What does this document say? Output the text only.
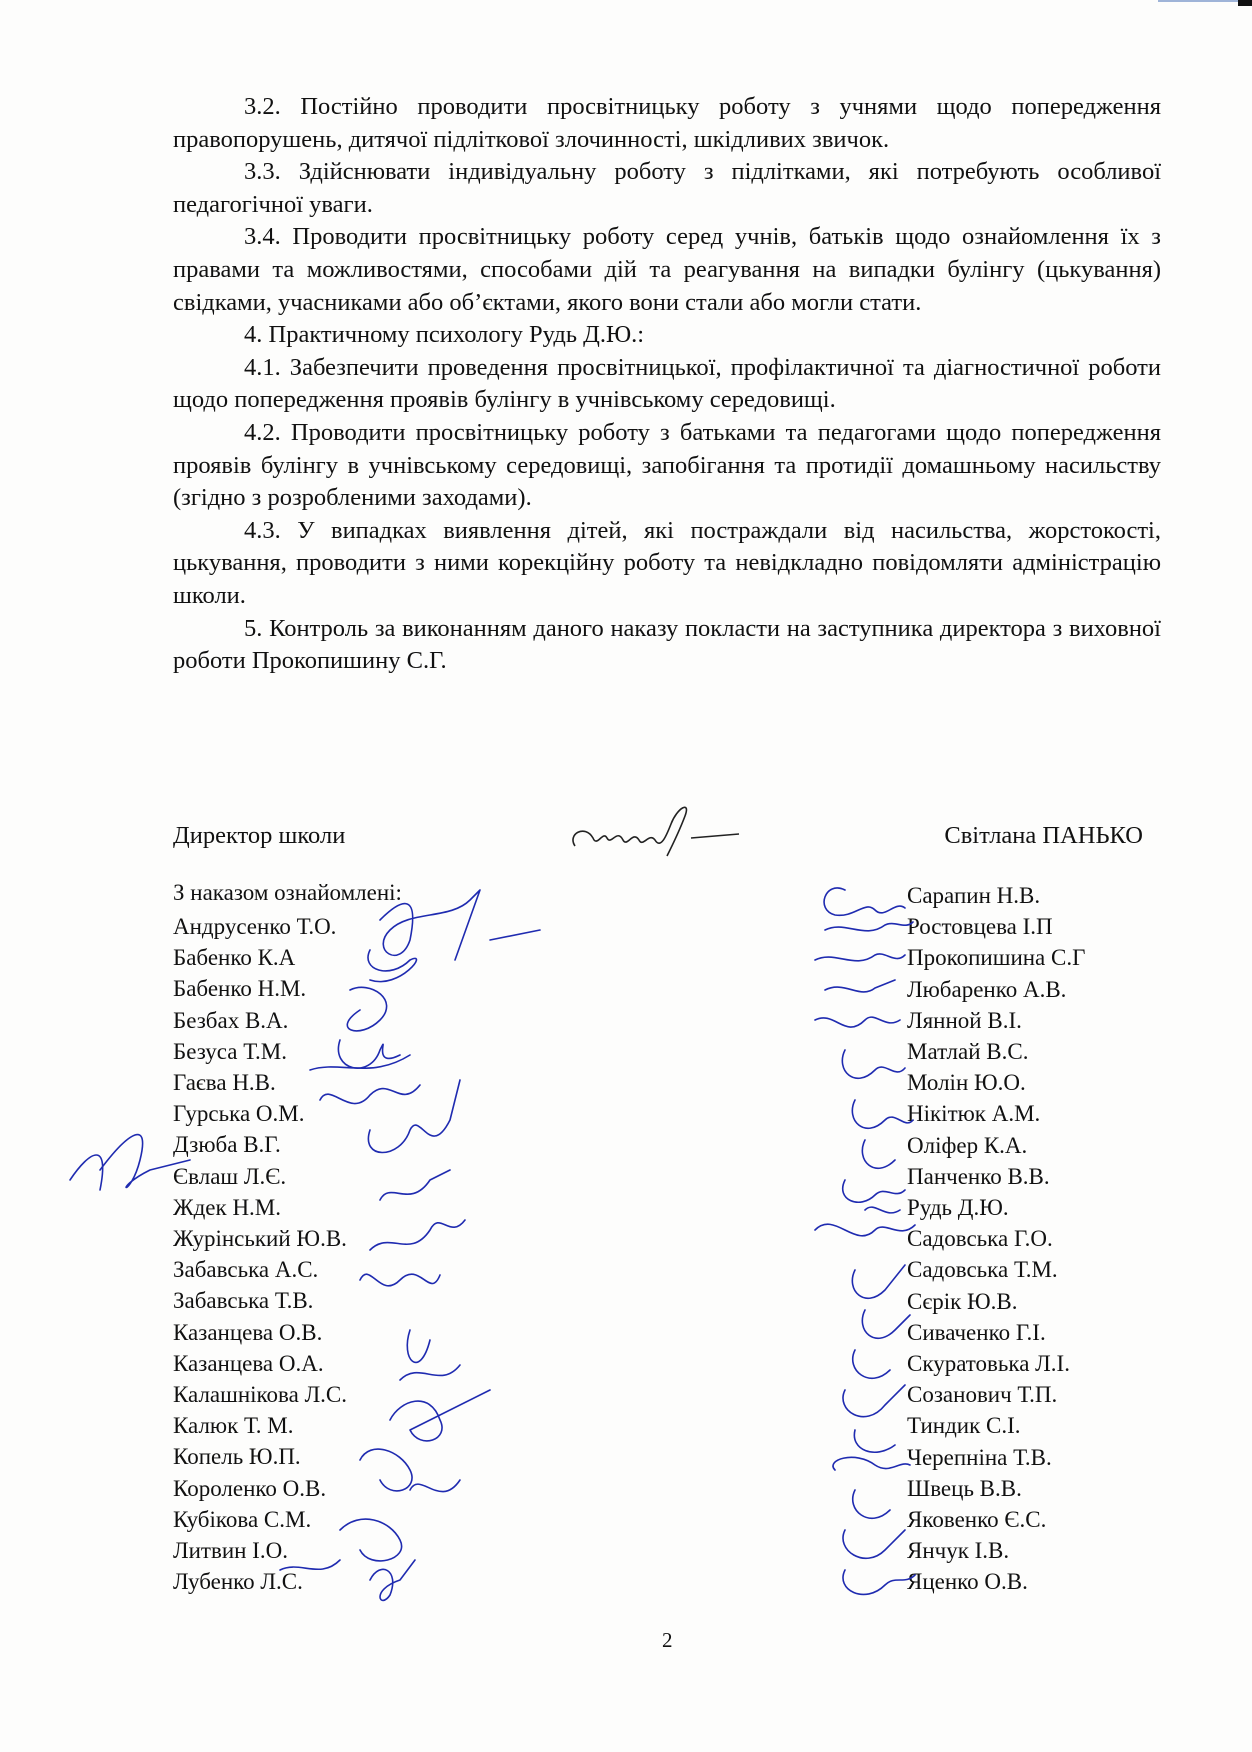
3.2. Постійно проводити просвітницьку роботу з учнями щодо попередження правопорушень, дитячої підліткової злочинності, шкідливих звичок.

3.3. Здійснювати індивідуальну роботу з підлітками, які потребують особливої педагогічної уваги.

3.4. Проводити просвітницьку роботу серед учнів, батьків щодо ознайомлення їх з правами та можливостями, способами дій та реагування на випадки булінгу (цькування) свідками, учасниками або об’єктами, якого вони стали або могли стати.

4. Практичному психологу Рудь Д.Ю.:

4.1. Забезпечити проведення просвітницької, профілактичної та діагностичної роботи щодо попередження проявів булінгу в учнівському середовищі.

4.2. Проводити просвітницьку роботу з батьками та педагогами щодо попередження проявів булінгу в учнівському середовищі, запобігання та протидії домашньому насильству (згідно з розробленими заходами).

4.3. У випадках виявлення дітей, які постраждали від насильства, жорстокості, цькування, проводити з ними корекційну роботу та невідкладно повідомляти адміністрацію школи.

5. Контроль за виконанням даного наказу покласти на заступника директора з виховної роботи Прокопишину С.Г.

Директор школи	Світлана ПАНЬКО
З наказом ознайомлені:
Андрусенко Т.О.
Бабенко К.А
Бабенко Н.М.
Безбах В.А.
Безуса Т.М.
Гаєва Н.В.
Гурська О.М.
Дзюба В.Г.
Євлаш Л.Є.
Ждек Н.М.
Журінський Ю.В.
Забавська А.С.
Забавська Т.В.
Казанцева О.В.
Казанцева О.А.
Калашнікова Л.С.
Калюк Т. М.
Копель Ю.П.
Короленко О.В.
Кубікова С.М.
Литвин І.О.
Лубенко Л.С.
Сарапин Н.В.
Ростовцева І.П
Прокопишина С.Г
Любаренко А.В.
Лянной В.І.
Матлай В.С.
Молін Ю.О.
Нікітюк А.М.
Оліфер К.А.
Панченко В.В.
Рудь Д.Ю.
Садовська Г.О.
Садовська Т.М.
Сєрік Ю.В.
Сиваченко Г.І.
Скуратовька Л.І.
Созанович Т.П.
Тиндик С.І.
Черепніна Т.В.
Швець В.В.
Яковенко Є.С.
Янчук І.В.
Яценко О.В.
2
